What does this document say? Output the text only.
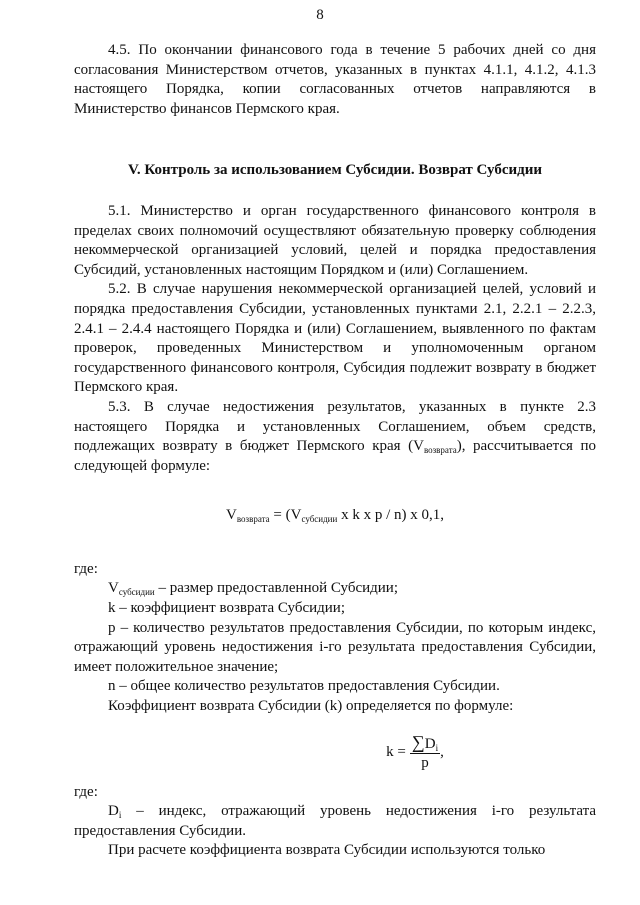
8

4.5. По окончании финансового года в течение 5 рабочих дней со дня согласования Министерством отчетов, указанных в пунктах 4.1.1, 4.1.2, 4.1.3 настоящего Порядка, копии согласованных отчетов направляются в Министерство финансов Пермского края.

V. Контроль за использованием Субсидии. Возврат Субсидии

5.1. Министерство и орган государственного финансового контроля в пределах своих полномочий осуществляют обязательную проверку соблюдения некоммерческой организацией условий, целей и порядка предоставления Субсидий, установленных настоящим Порядком и (или) Соглашением.

5.2. В случае нарушения некоммерческой организацией целей, условий и порядка предоставления Субсидии, установленных пунктами 2.1, 2.2.1 – 2.2.3, 2.4.1 – 2.4.4 настоящего Порядка и (или) Соглашением, выявленного по фактам проверок, проведенных Министерством и уполномоченным органом государственного финансового контроля, Субсидия подлежит возврату в бюджет Пермского края.

5.3. В случае недостижения результатов, указанных в пункте 2.3 настоящего Порядка и установленных Соглашением, объем средств, подлежащих возврату в бюджет Пермского края $(V_{возврата})$, рассчитывается по следующей формуле:

$V_{возврата} = (V_{субсидии}$ x k x p / n) x 0,1,

где:

$V_{субсидии}$ – размер предоставленной Субсидии;

k – коэффициент возврата Субсидии;

p – количество результатов предоставления Субсидии, по которым индекс, отражающий уровень недостижения i-го результата предоставления Субсидии, имеет положительное значение;

n – общее количество результатов предоставления Субсидии.

Коэффициент возврата Субсидии (k) определяется по формуле:

$k = \frac{\sum D_i}{p}$ ,

где:

$D_i$ – индекс, отражающий уровень недостижения i-го результата предоставления Субсидии.

При расчете коэффициента возврата Субсидии используются только
